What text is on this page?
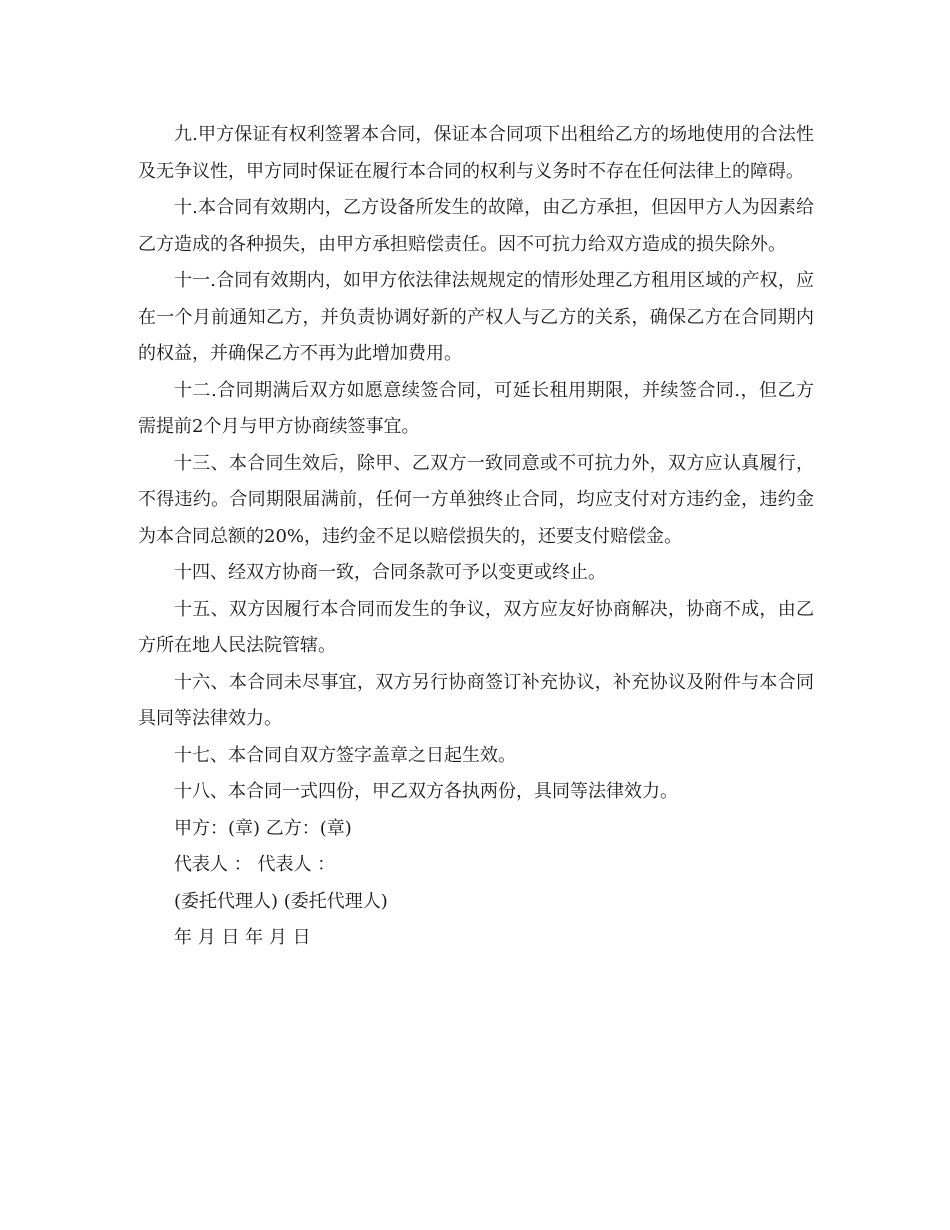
九.甲方保证有权利签署本合同，保证本合同项下出租给乙方的场地使用的合法性及无争议性，甲方同时保证在履行本合同的权利与义务时不存在任何法律上的障碍。

十.本合同有效期内，乙方设备所发生的故障，由乙方承担，但因甲方人为因素给乙方造成的各种损失，由甲方承担赔偿责任。因不可抗力给双方造成的损失除外。

十一.合同有效期内，如甲方依法律法规规定的情形处理乙方租用区域的产权，应在一个月前通知乙方，并负责协调好新的产权人与乙方的关系，确保乙方在合同期内的权益，并确保乙方不再为此增加费用。

十二.合同期满后双方如愿意续签合同，可延长租用期限，并续签合同.，但乙方需提前2个月与甲方协商续签事宜。

十三、本合同生效后，除甲、乙双方一致同意或不可抗力外，双方应认真履行，不得违约。合同期限届满前，任何一方单独终止合同，均应支付对方违约金，违约金为本合同总额的20%，违约金不足以赔偿损失的，还要支付赔偿金。

十四、经双方协商一致，合同条款可予以变更或终止。

十五、双方因履行本合同而发生的争议，双方应友好协商解决，协商不成，由乙方所在地人民法院管辖。

十六、本合同未尽事宜，双方另行协商签订补充协议，补充协议及附件与本合同具同等法律效力。

十七、本合同自双方签字盖章之日起生效。

十八、本合同一式四份，甲乙双方各执两份，具同等法律效力。

甲方：(章) 乙方：(章)

代表人 ： 代表人 ：

(委托代理人) (委托代理人)

年 月 日 年 月 日
